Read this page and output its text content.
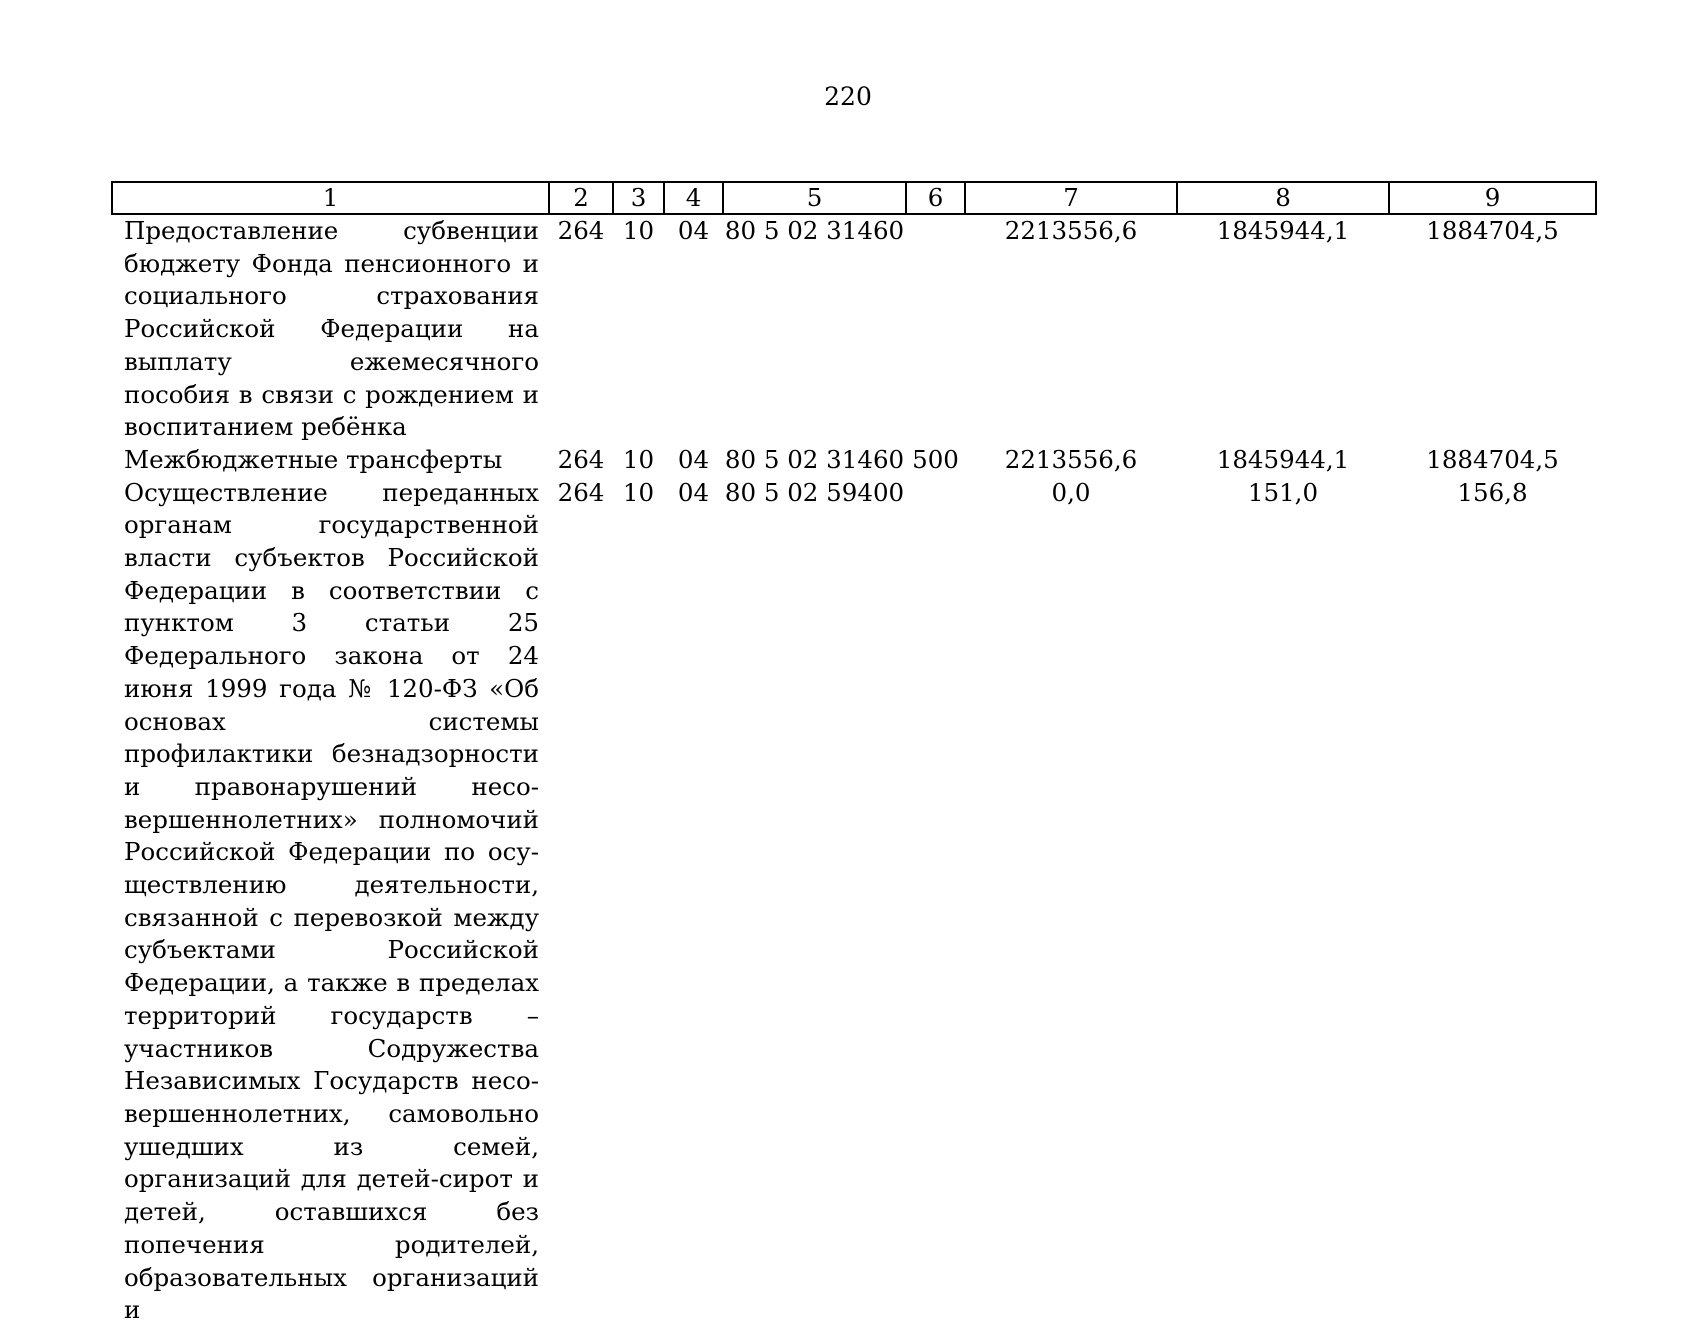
220
1	2	3	4	5	6	7	8	9
Предоставление субвенции бюджету Фонда пенсионного и социального страхования Российской Федерации на выплату ежемесячного пособия в связи с рождением и воспитанием ребёнка	264	10	04	80 5 02 31460		2213556,6	1845944,1	1884704,5
Межбюджетные трансферты	264	10	04	80 5 02 31460	500	2213556,6	1845944,1	1884704,5
Осуществление переданных органам государственной власти субъектов Российской Федерации в соответствии с пунктом 3 статьи 25 Федерального закона от 24 июня 1999 года № 120-ФЗ «Об основах системы профилактики безнадзорности и правонарушений несовершеннолетних» полномочий Российской Федерации по осуществлению деятельности, связанной с перевозкой между субъектами Российской Федерации, а также в пределах территорий государств – участников Содружества Независимых Государств несовершеннолетних, самовольно ушедших из семей, организаций для детей-сирот и детей, оставшихся без попечения родителей, образовательных организаций и	264	10	04	80 5 02 59400		0,0	151,0	156,8
